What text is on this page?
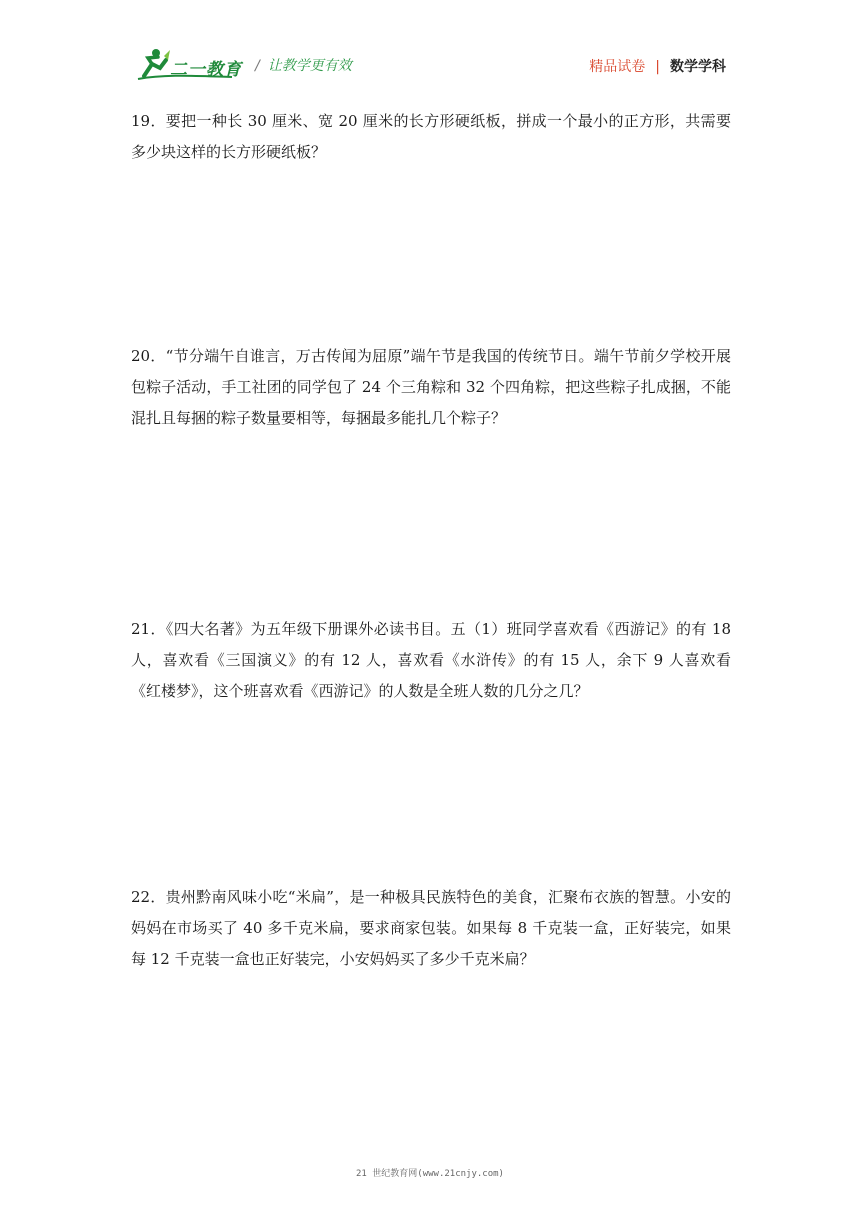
二一教育 / 让教学更有效	精品试卷 | 数学学科
19．要把一种长 30 厘米、宽 20 厘米的长方形硬纸板，拼成一个最小的正方形，共需要多少块这样的长方形硬纸板？
20．“节分端午自谁言，万古传闻为屈原”端午节是我国的传统节日。端午节前夕学校开展包粽子活动，手工社团的同学包了 24 个三角粽和 32 个四角粽，把这些粽子扎成捆，不能混扎且每捆的粽子数量要相等，每捆最多能扎几个粽子？
21．《四大名著》为五年级下册课外必读书目。五（1）班同学喜欢看《西游记》的有 18 人，喜欢看《三国演义》的有 12 人，喜欢看《水浒传》的有 15 人，余下 9 人喜欢看《红楼梦》，这个班喜欢看《西游记》的人数是全班人数的几分之几？
22．贵州黔南风味小吃“米扁”，是一种极具民族特色的美食，汇聚布衣族的智慧。小安的妈妈在市场买了 40 多千克米扁，要求商家包装。如果每 8 千克装一盒，正好装完，如果每 12 千克装一盒也正好装完，小安妈妈买了多少千克米扁？
21 世纪教育网(www.21cnjy.com)
